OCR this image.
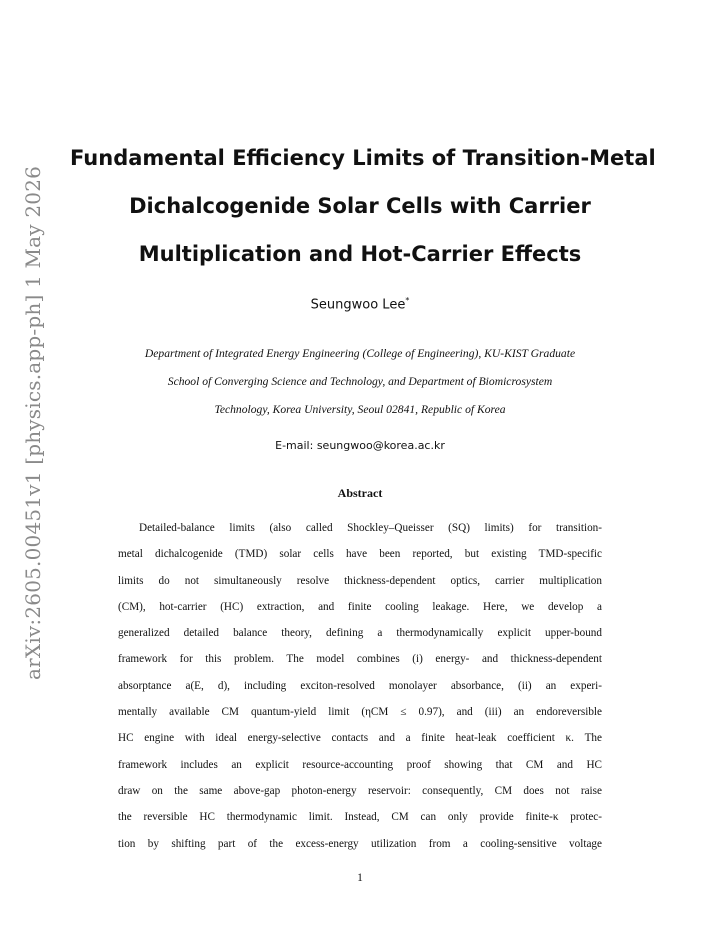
arXiv:2605.00451v1 [physics.app-ph] 1 May 2026
Fundamental Efficiency Limits of Transition-Metal
Dichalcogenide Solar Cells with Carrier
Multiplication and Hot-Carrier Effects
Seungwoo Lee*
Department of Integrated Energy Engineering (College of Engineering), KU-KIST Graduate
School of Converging Science and Technology, and Department of Biomicrosystem
Technology, Korea University, Seoul 02841, Republic of Korea
E-mail: seungwoo@korea.ac.kr
Abstract
Detailed-balance limits (also called Shockley–Queisser (SQ) limits) for transition-
metal dichalcogenide (TMD) solar cells have been reported, but existing TMD-specific
limits do not simultaneously resolve thickness-dependent optics, carrier multiplication
(CM), hot-carrier (HC) extraction, and finite cooling leakage. Here, we develop a
generalized detailed balance theory, defining a thermodynamically explicit upper-bound
framework for this problem. The model combines (i) energy- and thickness-dependent
absorptance a(E, d), including exciton-resolved monolayer absorbance, (ii) an experi-
mentally available CM quantum-yield limit (ηCM ≤ 0.97), and (iii) an endoreversible
HC engine with ideal energy-selective contacts and a finite heat-leak coefficient κ. The
framework includes an explicit resource-accounting proof showing that CM and HC
draw on the same above-gap photon-energy reservoir: consequently, CM does not raise
the reversible HC thermodynamic limit. Instead, CM can only provide finite-κ protec-
tion by shifting part of the excess-energy utilization from a cooling-sensitive voltage
1
